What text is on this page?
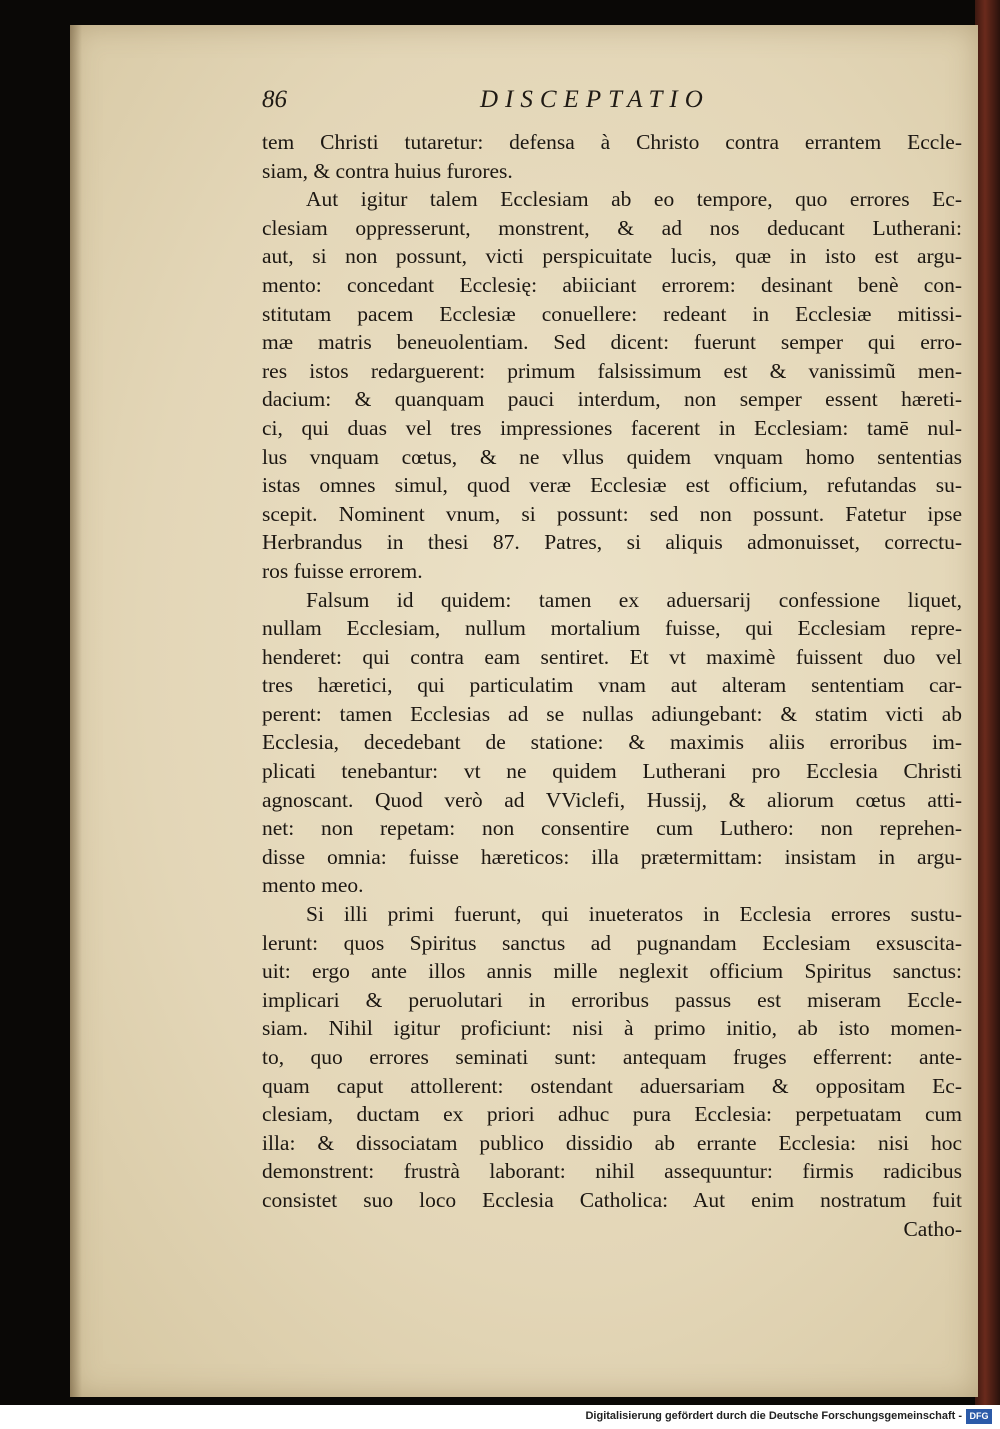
86	DISCEPTATIO
tem Christi tutaretur: defensa à Christo contra errantem Eccle-
siam, & contra huius furores.
Aut igitur talem Ecclesiam ab eo tempore, quo errores Ec-
clesiam oppresserunt, monstrent, & ad nos deducant Lutherani:
aut, si non possunt, victi perspicuitate lucis, quæ in isto est argu-
mento: concedant Ecclesię: abiiciant errorem: desinant benè con-
stitutam pacem Ecclesiæ conuellere: redeant in Ecclesiæ mitissi-
mæ matris beneuolentiam. Sed dicent: fuerunt semper qui erro-
res istos redarguerent: primum falsissimum est & vanissimũ men-
dacium: & quanquam pauci interdum, non semper essent hæreti-
ci, qui duas vel tres impressiones facerent in Ecclesiam: tamē nul-
lus vnquam cœtus, & ne vllus quidem vnquam homo sententias
istas omnes simul, quod veræ Ecclesiæ est officium, refutandas su-
scepit. Nominent vnum, si possunt: sed non possunt. Fatetur ipse
Herbrandus in thesi 87. Patres, si aliquis admonuisset, correctu-
ros fuisse errorem.
Falsum id quidem: tamen ex aduersarij confessione liquet,
nullam Ecclesiam, nullum mortalium fuisse, qui Ecclesiam repre-
henderet: qui contra eam sentiret. Et vt maximè fuissent duo vel
tres hæretici, qui particulatim vnam aut alteram sententiam car-
perent: tamen Ecclesias ad se nullas adiungebant: & statim victi ab
Ecclesia, decedebant de statione: & maximis aliis erroribus im-
plicati tenebantur: vt ne quidem Lutherani pro Ecclesia Christi
agnoscant. Quod verò ad VViclefi, Hussij, & aliorum cœtus atti-
net: non repetam: non consentire cum Luthero: non reprehen-
disse omnia: fuisse hæreticos: illa prætermittam: insistam in argu-
mento meo.
Si illi primi fuerunt, qui inueteratos in Ecclesia errores sustu-
lerunt: quos Spiritus sanctus ad pugnandam Ecclesiam exsuscita-
uit: ergo ante illos annis mille neglexit officium Spiritus sanctus:
implicari & peruolutari in erroribus passus est miseram Eccle-
siam. Nihil igitur proficiunt: nisi à primo initio, ab isto momen-
to, quo errores seminati sunt: antequam fruges efferrent: ante-
quam caput attollerent: ostendant aduersariam & oppositam Ec-
clesiam, ductam ex priori adhuc pura Ecclesia: perpetuatam cum
illa: & dissociatam publico dissidio ab errante Ecclesia: nisi hoc
demonstrent: frustrà laborant: nihil assequuntur: firmis radicibus
consistet suo loco Ecclesia Catholica: Aut enim nostratum fuit
Catho-
Digitalisierung gefördert durch die Deutsche Forschungsgemeinschaft - DFG
